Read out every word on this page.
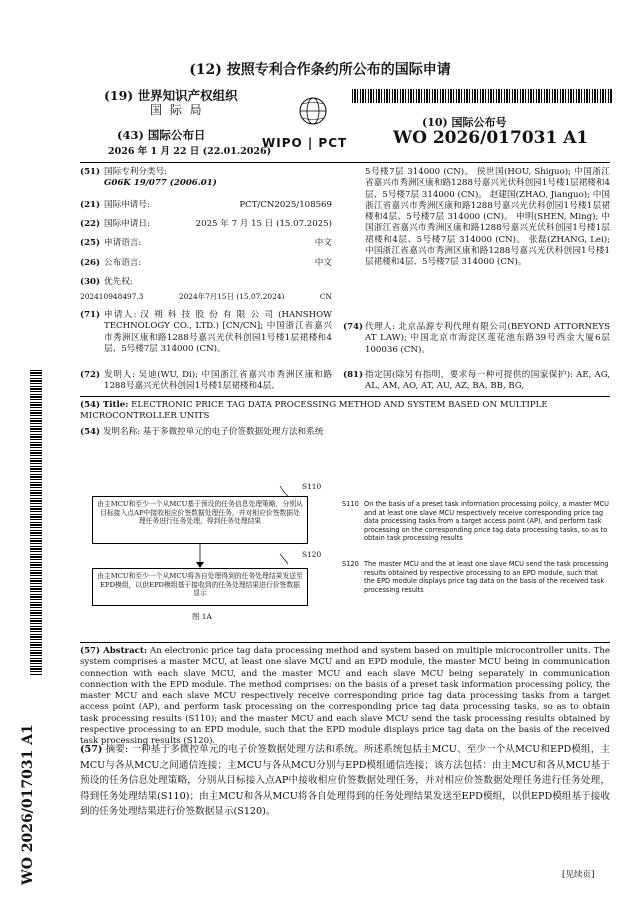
(12) 按照专利合作条约所公布的国际申请
(19) 世界知识产权组织
国 际 局
(43) 国际公布日
2026 年 1 月 22 日 (22.01.2026)
WIPO | PCT
(10) 国际公布号
WO 2026/017031 A1
WO 2026/017031 A1
(51) 国际专利分类号:
G06K 19/077 (2006.01)
(21) 国际申请号:	PCT/CN2025/108569
(22) 国际申请日:	2025 年 7 月 15 日 (15.07.2025)
(25) 申请语言:	中文
(26) 公布语言:	中文
(30) 优先权:
202410948497.3	2024年7月15日 (15.07.2024)	CN
(71) 申请人: 汉 朔 科 技 股 份 有 限 公 司 (HANSHOW TECHNOLOGY CO., LTD.) [CN/CN]; 中国浙江省嘉兴市秀洲区康和路1288号嘉兴光伏科创园1号楼1层裙楼和4层、5号楼7层 314000 (CN)。
(72) 发明人: 吴迪(WU, Di); 中国浙江省嘉兴市秀洲区康和路1288号嘉兴光伏科创园1号楼1层裙楼和4层、
5号楼7层 314000 (CN)。 侯世国(HOU, Shiguo); 中国浙江省嘉兴市秀洲区康和路1288号嘉兴光伏科创园1号楼1层裙楼和4层、5号楼7层 314000 (CN)。 赵建国(ZHAO, Jianguo); 中国浙江省嘉兴市秀洲区康和路1288号嘉兴光伏科创园1号楼1层裙楼和4层、5号楼7层 314000 (CN)。 申明(SHEN, Ming); 中国浙江省嘉兴市秀洲区康和路1288号嘉兴光伏科创园1号楼1层裙楼和4层、5号楼7层 314000 (CN)。 张磊(ZHANG, Lei); 中国浙江省嘉兴市秀洲区康和路1288号嘉兴光伏科创园1号楼1层裙楼和4层、5号楼7层 314000 (CN)。
(74) 代理人: 北京品源专利代理有限公司(BEYOND ATTORNEYS AT LAW); 中国北京市海淀区莲花池东路39号西金大厦6层 100036 (CN)。
(81) 指定国(除另有指明，要求每一种可提供的国家保护): AE, AG, AL, AM, AO, AT, AU, AZ, BA, BB, BG,
(54) Title: ELECTRONIC PRICE TAG DATA PROCESSING METHOD AND SYSTEM BASED ON MULTIPLE MICROCONTROLLER UNITS
(54) 发明名称: 基于多微控单元的电子价签数据处理方法和系统
S110
由主MCU和至少一个从MCU基于预设的任务信息处理策略，分别从目标接入点AP中接收相应价签数据处理任务，并对相应价签数据处理任务进行任务处理，得到任务处理结果
S120
由主MCU和至少一个从MCU将各自处理得到的任务处理结果发送至EPD模组，以供EPD模组基于接收到的任务处理结果进行价签数据显示
图 1A
S110 On the basis of a preset task information processing policy, a master MCU and at least one slave MCU respectively receive corresponding price tag data processing tasks from a target access point (AP), and perform task processing on the corresponding price tag data processing tasks, so as to obtain task processing results
S120 The master MCU and the at least one slave MCU send the task processing results obtained by respective processing to an EPD module, such that the EPD module displays price tag data on the basis of the received task processing results
(57) Abstract: An electronic price tag data processing method and system based on multiple microcontroller units. The system comprises a master MCU, at least one slave MCU and an EPD module, the master MCU being in communication connection with each slave MCU, and the master MCU and each slave MCU being separately in communication connection with the EPD module. The method comprises: on the basis of a preset task information processing policy, the master MCU and each slave MCU respectively receive corresponding price tag data processing tasks from a target access point (AP), and perform task processing on the corresponding price tag data processing tasks, so as to obtain task processing results (S110); and the master MCU and each slave MCU send the task processing results obtained by respective processing to an EPD module, such that the EPD module displays price tag data on the basis of the received task processing results (S120).
(57) 摘要: 一种基于多微控单元的电子价签数据处理方法和系统。所述系统包括主MCU、至少一个从MCU和EPD模组，主MCU与各从MCU之间通信连接；主MCU与各从MCU分别与EPD模组通信连接；该方法包括：由主MCU和各从MCU基于预设的任务信息处理策略，分别从目标接入点AP中接收相应价签数据处理任务，并对相应价签数据处理任务进行任务处理，得到任务处理结果(S110)；由主MCU和各从MCU将各自处理得到的任务处理结果发送至EPD模组，以供EPD模组基于接收到的任务处理结果进行价签数据显示(S120)。
[见续页]
